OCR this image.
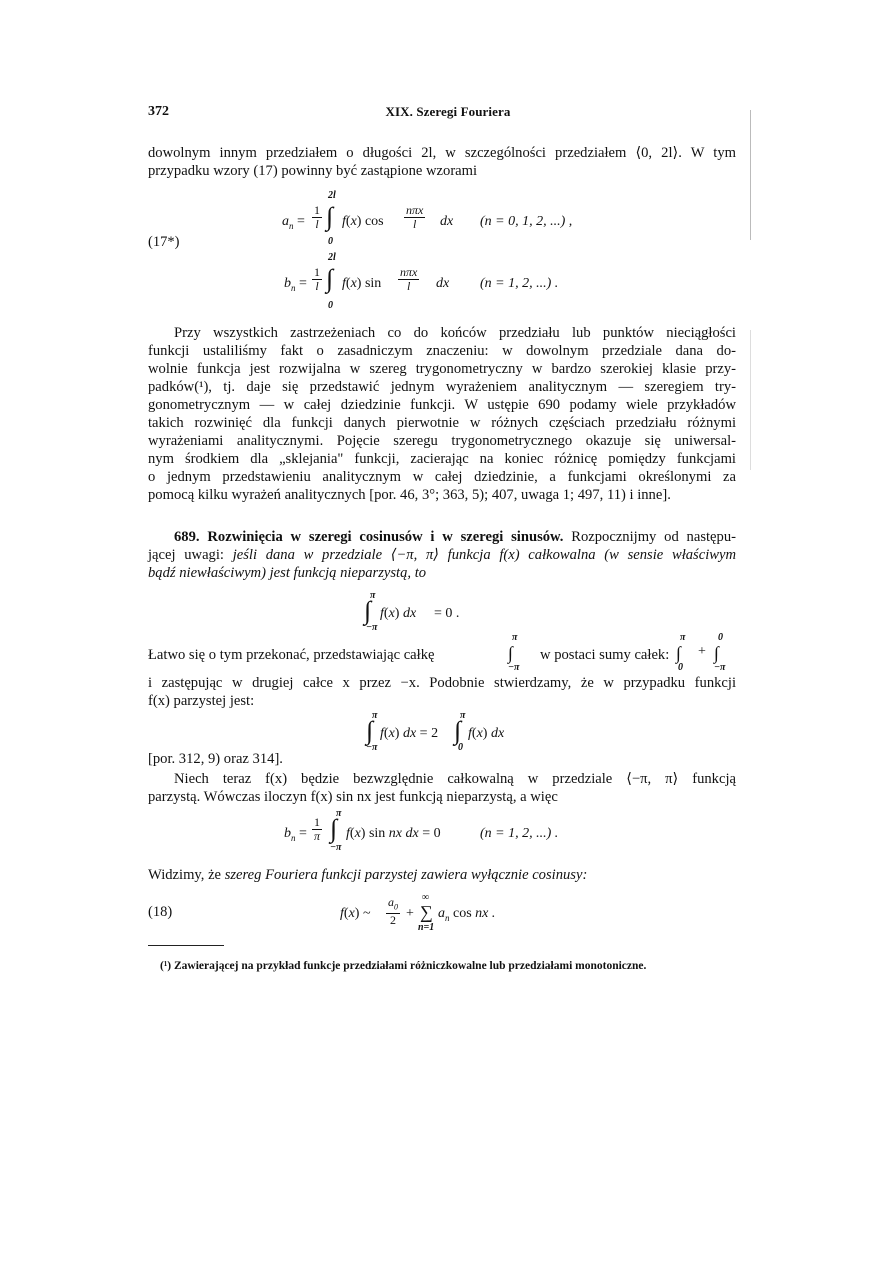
372	XIX. Szeregi Fouriera
dowolnym innym przedziałem o długości 2l, w szczególności przedziałem ⟨0, 2l⟩. W tym
przypadku wzory (17) powinny być zastąpione wzorami
(17*)
$a_n = \frac{1}{l}$
2l
∫
0
f(x) cos
nπx
l	dx (n = 0, 1, 2, ...) ,
$b_n = \frac{1}{l}$
2l
∫
0
f(x) sin
nπx
l	dx (n = 1, 2, ...) .
Przy wszystkich zastrzeżeniach co do końców przedziału lub punktów nieciągłości
funkcji ustaliliśmy fakt o zasadniczym znaczeniu: w dowolnym przedziale dana do-
wolnie funkcja jest rozwijalna w szereg trygonometryczny w bardzo szerokiej klasie przy-
padków(¹), tj. daje się przedstawić jednym wyrażeniem analitycznym — szeregiem try-
gonometrycznym — w całej dziedzinie funkcji. W ustępie 690 podamy wiele przykładów
takich rozwinięć dla funkcji danych pierwotnie w różnych częściach przedziału różnymi
wyrażeniami analitycznymi. Pojęcie szeregu trygonometrycznego okazuje się uniwersal-
nym środkiem dla „sklejania" funkcji, zacierając na koniec różnicę pomiędzy funkcjami
o jednym przedstawieniu analitycznym w całej dziedzinie, a funkcjami określonymi za
pomocą kilku wyrażeń analitycznych [por. 46, 3°; 363, 5); 407, uwaga 1; 497, 11) i inne].
689. Rozwinięcia w szeregi cosinusów i w szeregi sinusów. Rozpocznijmy od następu-
jącej uwagi: jeśli dana w przedziale ⟨−π, π⟩ funkcja f(x) całkowalna (w sensie właściwym
bądź niewłaściwym) jest funkcją nieparzystą, to
π
∫
−π
f(x) dx = 0 .
Łatwo się o tym przekonać, przedstawiając całkę
π
∫
−π
w postaci sumy całek:
π
∫
0
+
0
∫
−π
i zastępując w drugiej całce x przez −x. Podobnie stwierdzamy, że w przypadku funkcji
f(x) parzystej jest:
π
∫
−π
f(x) dx = 2
π
∫
0
f(x) dx
[por. 312, 9) oraz 314].
Niech teraz f(x) będzie bezwzględnie całkowalną w przedziale ⟨−π, π⟩ funkcją
parzystą. Wówczas iloczyn f(x) sin nx jest funkcją nieparzystą, a więc
$b_n = \frac{1}{\pi}$
π
∫
−π
f(x) sin nx dx = 0	(n = 1, 2, ...) .
Widzimy, że szereg Fouriera funkcji parzystej zawiera wyłącznie cosinusy:
(18)	f(x) ~ $\frac{a_0}{2}$ +
∞
∑
n=1
$a_n$ cos nx .
(¹) Zawierającej na przykład funkcje przedziałami różniczkowalne lub przedziałami monotoniczne.
